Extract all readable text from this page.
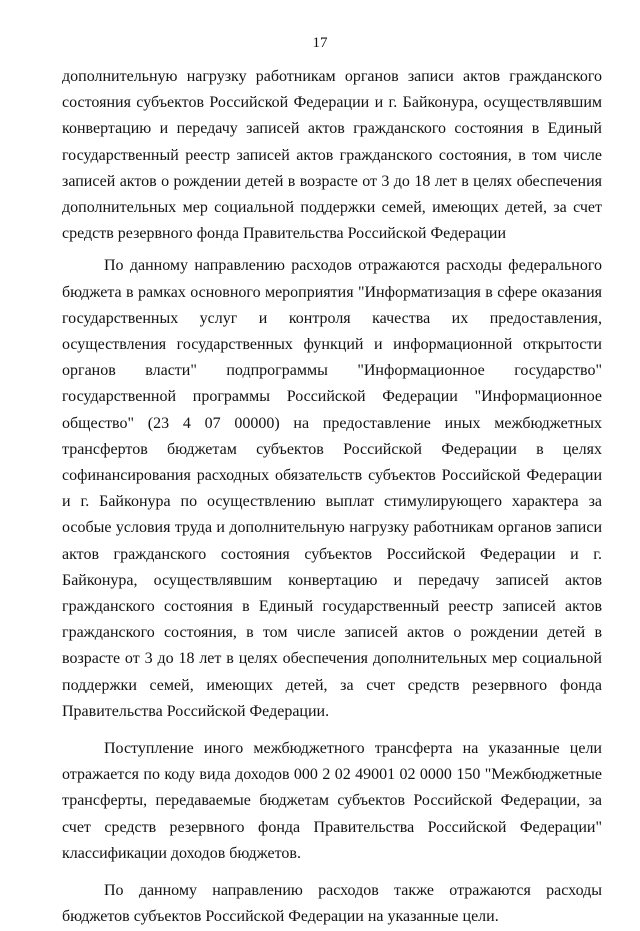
17

дополнительную нагрузку работникам органов записи актов гражданского состояния субъектов Российской Федерации и г. Байконура, осуществлявшим конвертацию и передачу записей актов гражданского состояния в Единый государственный реестр записей актов гражданского состояния, в том числе записей актов о рождении детей в возрасте от 3 до 18 лет в целях обеспечения дополнительных мер социальной поддержки семей, имеющих детей, за счет средств резервного фонда Правительства Российской Федерации

По данному направлению расходов отражаются расходы федерального бюджета в рамках основного мероприятия "Информатизация в сфере оказания государственных услуг и контроля качества их предоставления, осуществления государственных функций и информационной открытости органов власти" подпрограммы "Информационное государство" государственной программы Российской Федерации "Информационное общество" (23 4 07 00000) на предоставление иных межбюджетных трансфертов бюджетам субъектов Российской Федерации в целях софинансирования расходных обязательств субъектов Российской Федерации и г. Байконура по осуществлению выплат стимулирующего характера за особые условия труда и дополнительную нагрузку работникам органов записи актов гражданского состояния субъектов Российской Федерации и г. Байконура, осуществлявшим конвертацию и передачу записей актов гражданского состояния в Единый государственный реестр записей актов гражданского состояния, в том числе записей актов о рождении детей в возрасте от 3 до 18 лет в целях обеспечения дополнительных мер социальной поддержки семей, имеющих детей, за счет средств резервного фонда Правительства Российской Федерации.

Поступление иного межбюджетного трансферта на указанные цели отражается по коду вида доходов 000 2 02 49001 02 0000 150 "Межбюджетные трансферты, передаваемые бюджетам субъектов Российской Федерации, за счет средств резервного фонда Правительства Российской Федерации" классификации доходов бюджетов.

По данному направлению расходов также отражаются расходы бюджетов субъектов Российской Федерации на указанные цели.
